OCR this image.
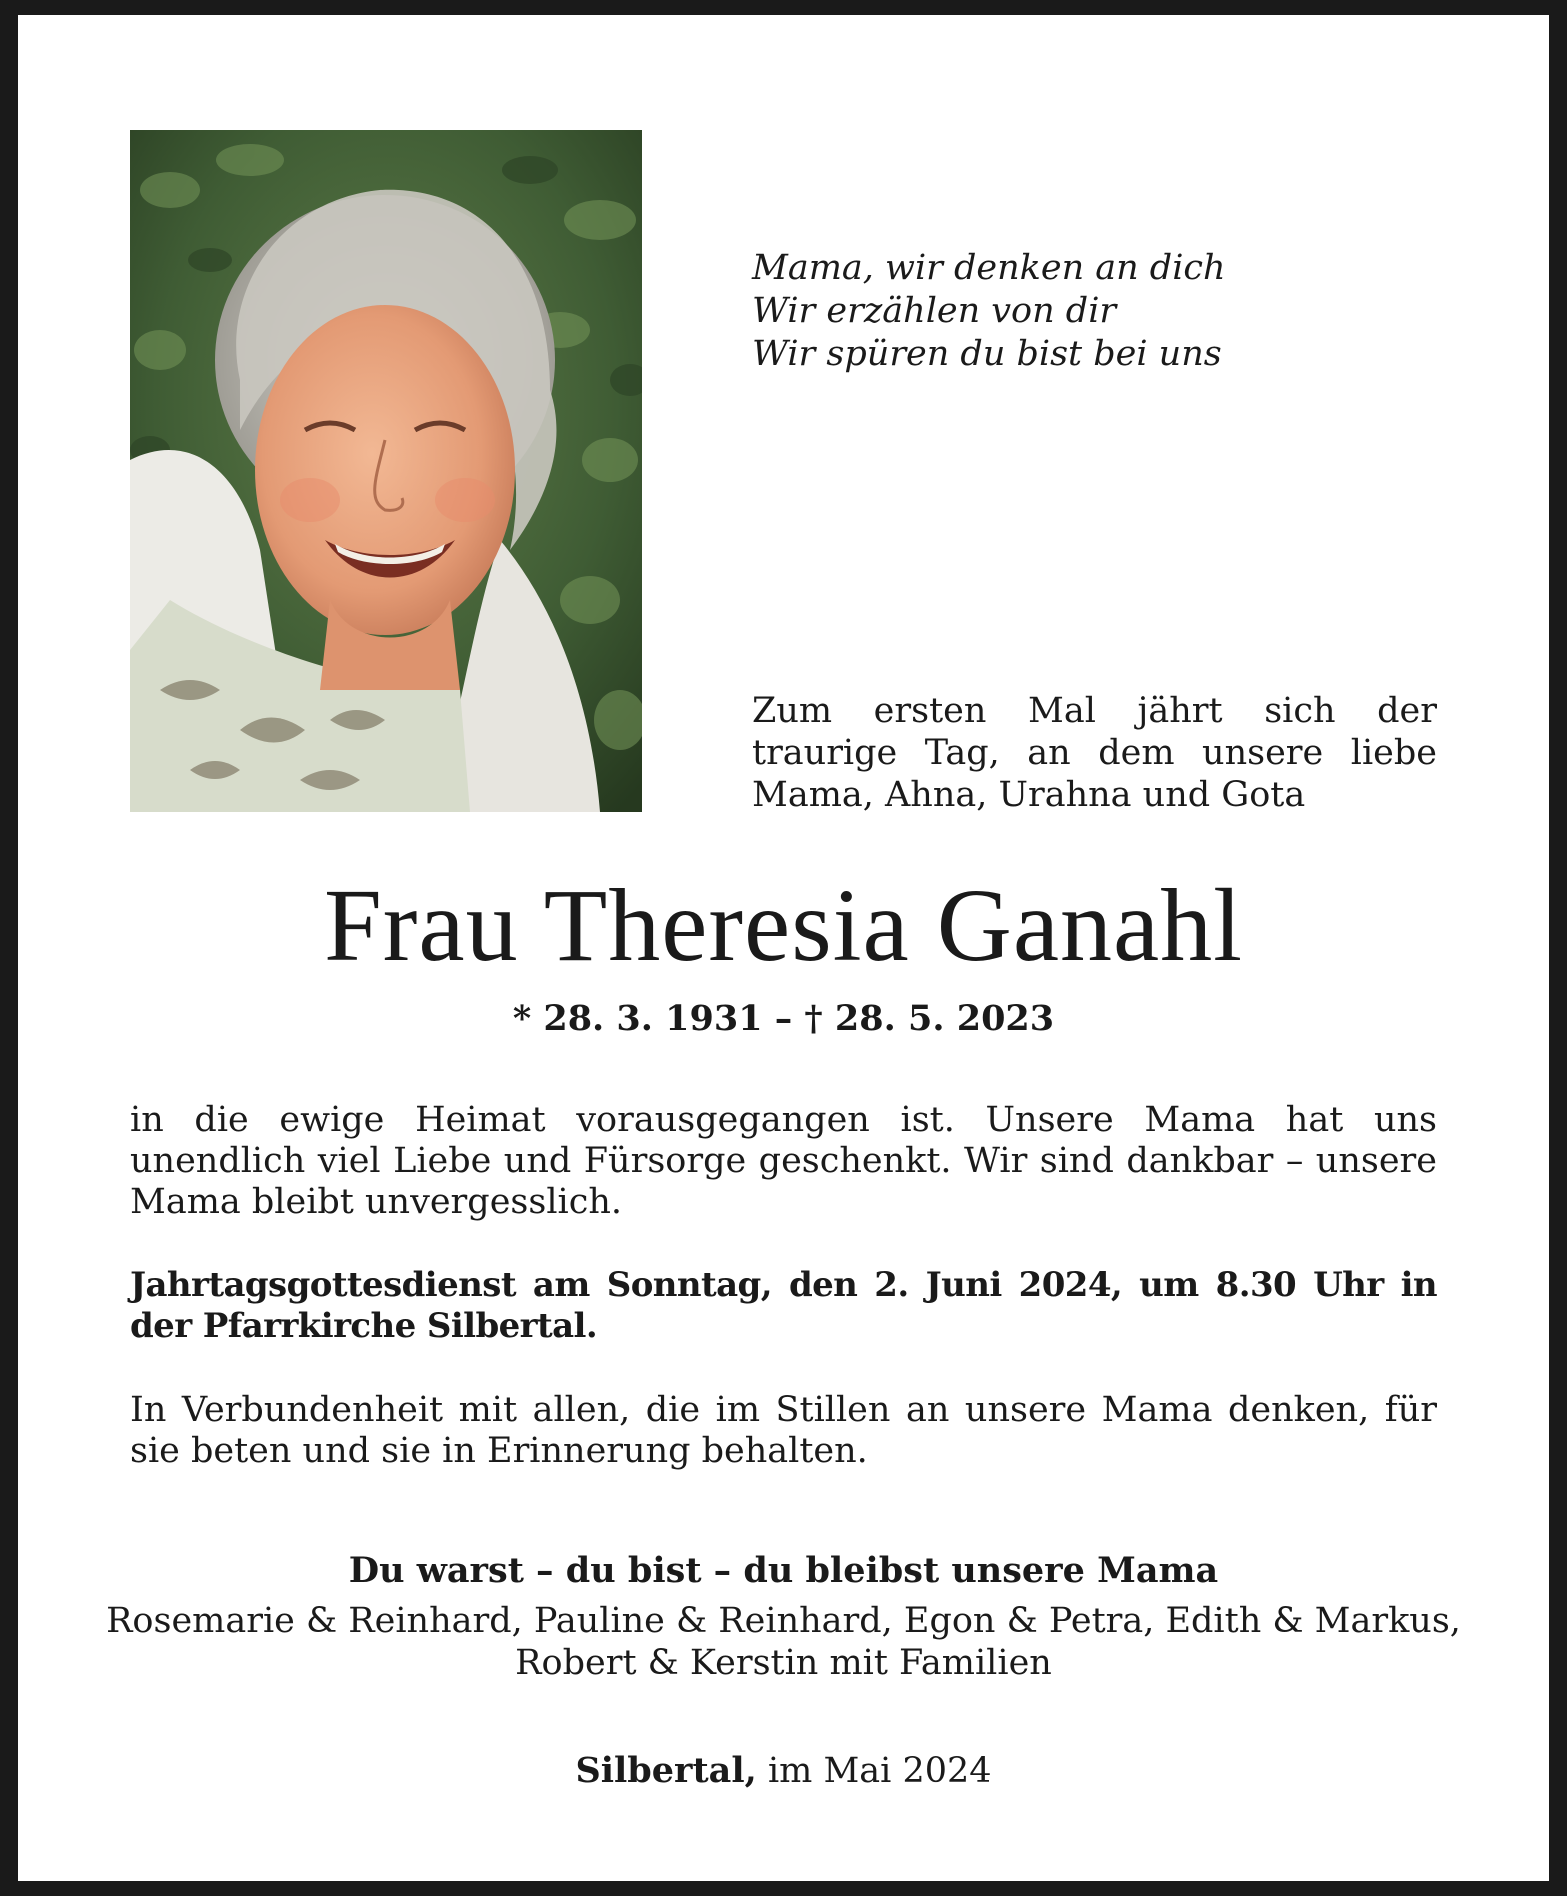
Mama, wir denken an dich
Wir erzählen von dir
Wir spüren du bist bei uns
Zum ersten Mal jährt sich der traurige Tag, an dem unsere liebe Mama, Ahna, Urahna und Gota
Frau Theresia Ganahl
* 28. 3. 1931 – † 28. 5. 2023
in die ewige Heimat vorausgegangen ist. Unsere Mama hat uns unendlich viel Liebe und Fürsorge geschenkt. Wir sind dankbar – unsere Mama bleibt unvergesslich.
Jahrtagsgottesdienst am Sonntag, den 2. Juni 2024, um 8.30 Uhr in der Pfarrkirche Silbertal.
In Verbundenheit mit allen, die im Stillen an unsere Mama denken, für sie beten und sie in Erinnerung behalten.
Du warst – du bist – du bleibst unsere Mama
Rosemarie & Reinhard, Pauline & Reinhard, Egon & Petra, Edith & Markus,
Robert & Kerstin mit Familien
Silbertal, im Mai 2024
